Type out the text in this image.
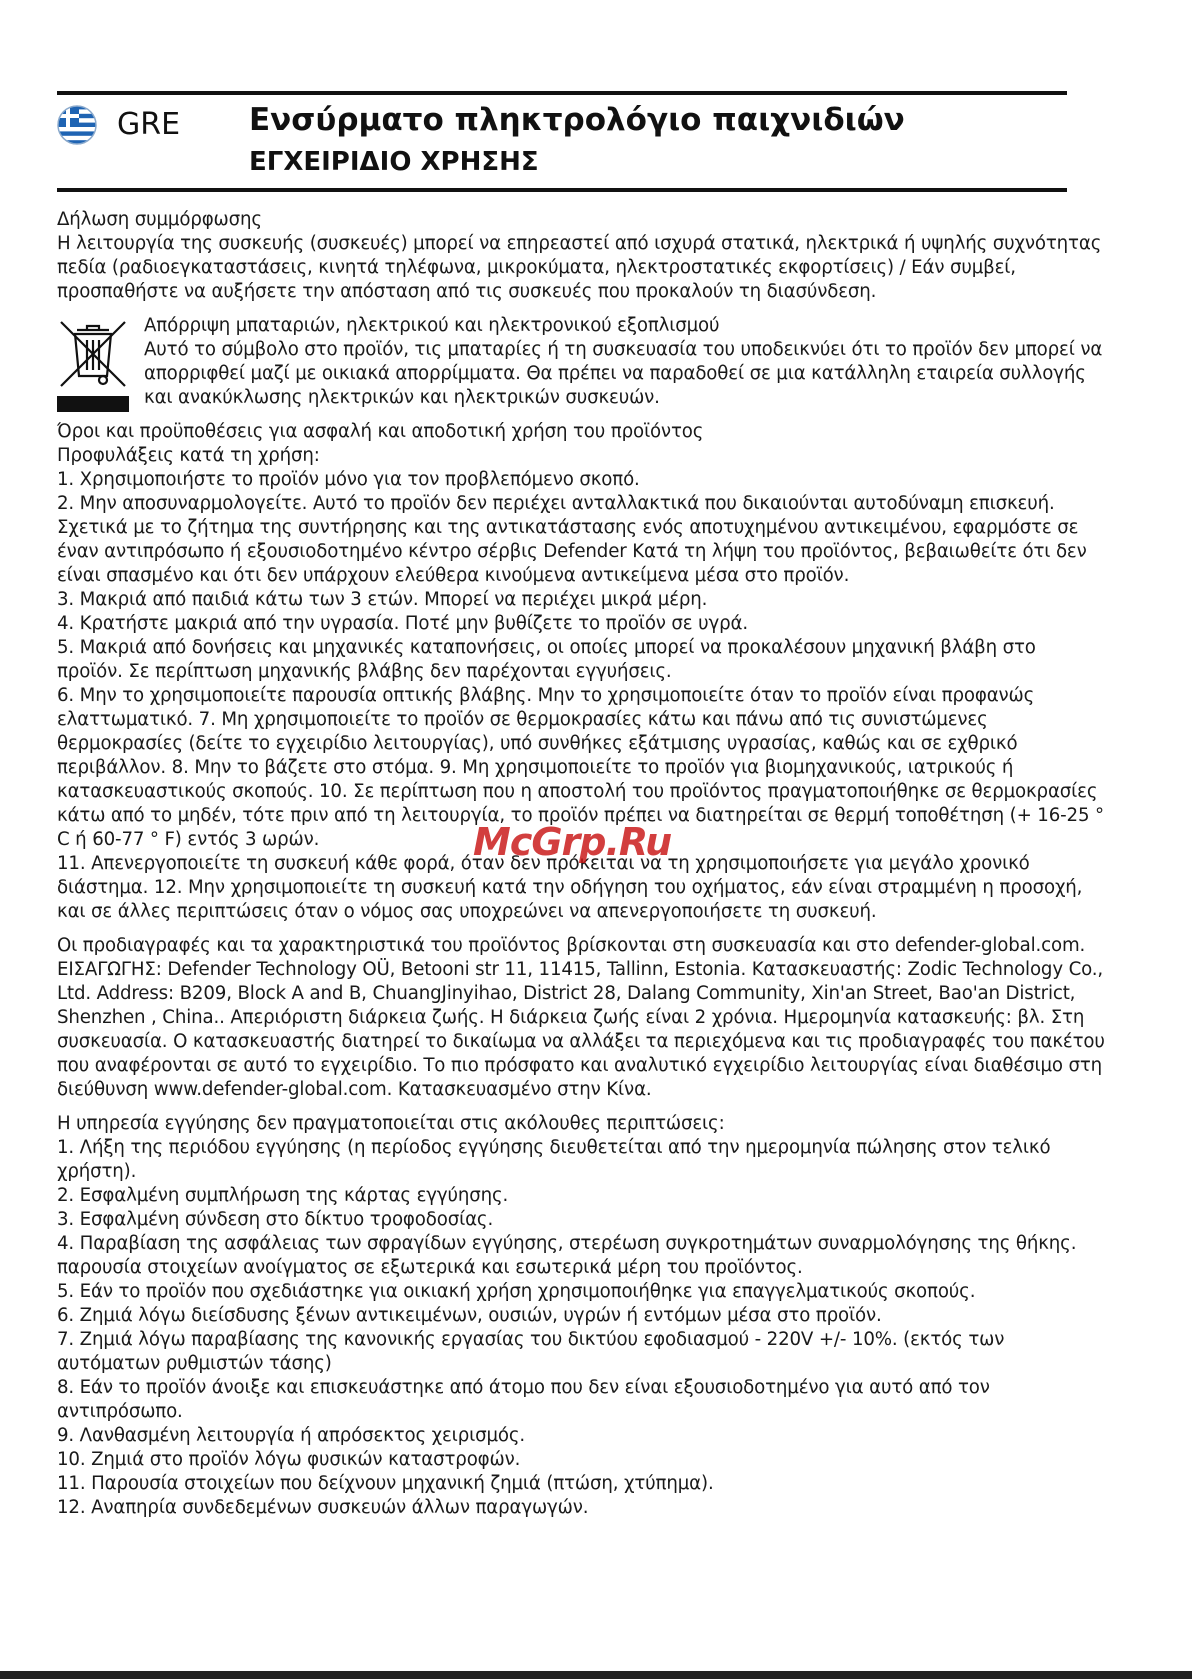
GRE Ενσύρματο πληκτρολόγιο παιχνιδιών
ΕΓΧΕΙΡΙΔΙΟ ΧΡΗΣΗΣ

Δήλωση συμμόρφωσης

Η λειτουργία της συσκευής (συσκευές) μπορεί να επηρεαστεί από ισχυρά στατικά, ηλεκτρικά ή υψηλής συχνότητας πεδία (ραδιοεγκαταστάσεις, κινητά τηλέφωνα, μικροκύματα, ηλεκτροστατικές εκφορτίσεις) / Εάν συμβεί, προσπαθήστε να αυξήσετε την απόσταση από τις συσκευές που προκαλούν τη διασύνδεση.

Απόρριψη μπαταριών, ηλεκτρικού και ηλεκτρονικού εξοπλισμού

Αυτό το σύμβολο στο προϊόν, τις μπαταρίες ή τη συσκευασία του υποδεικνύει ότι το προϊόν δεν μπορεί να απορριφθεί μαζί με οικιακά απορρίμματα. Θα πρέπει να παραδοθεί σε μια κατάλληλη εταιρεία συλλογής και ανακύκλωσης ηλεκτρικών και ηλεκτρικών συσκευών.

Όροι και προϋποθέσεις για ασφαλή και αποδοτική χρήση του προϊόντος

Προφυλάξεις κατά τη χρήση:

1. Χρησιμοποιήστε το προϊόν μόνο για τον προβλεπόμενο σκοπό.

2. Μην αποσυναρμολογείτε. Αυτό το προϊόν δεν περιέχει ανταλλακτικά που δικαιούνται αυτοδύναμη επισκευή. Σχετικά με το ζήτημα της συντήρησης και της αντικατάστασης ενός αποτυχημένου αντικειμένου, εφαρμόστε σε έναν αντιπρόσωπο ή εξουσιοδοτημένο κέντρο σέρβις Defender Κατά τη λήψη του προϊόντος, βεβαιωθείτε ότι δεν είναι σπασμένο και ότι δεν υπάρχουν ελεύθερα κινούμενα αντικείμενα μέσα στο προϊόν.

3. Μακριά από παιδιά κάτω των 3 ετών. Μπορεί να περιέχει μικρά μέρη.

4. Κρατήστε μακριά από την υγρασία. Ποτέ μην βυθίζετε το προϊόν σε υγρά.

5. Μακριά από δονήσεις και μηχανικές καταπονήσεις, οι οποίες μπορεί να προκαλέσουν μηχανική βλάβη στο προϊόν. Σε περίπτωση μηχανικής βλάβης δεν παρέχονται εγγυήσεις.

6. Μην το χρησιμοποιείτε παρουσία οπτικής βλάβης. Μην το χρησιμοποιείτε όταν το προϊόν είναι προφανώς ελαττωματικό. 7. Μη χρησιμοποιείτε το προϊόν σε θερμοκρασίες κάτω και πάνω από τις συνιστώμενες θερμοκρασίες (δείτε το εγχειρίδιο λειτουργίας), υπό συνθήκες εξάτμισης υγρασίας, καθώς και σε εχθρικό περιβάλλον. 8. Μην το βάζετε στο στόμα. 9. Μη χρησιμοποιείτε το προϊόν για βιομηχανικούς, ιατρικούς ή κατασκευαστικούς σκοπούς. 10. Σε περίπτωση που η αποστολή του προϊόντος πραγματοποιήθηκε σε θερμοκρασίες κάτω από το μηδέν, τότε πριν από τη λειτουργία, το προϊόν πρέπει να διατηρείται σε θερμή τοποθέτηση (+ 16-25 ° C ή 60-77 ° F) εντός 3 ωρών.

11. Απενεργοποιείτε τη συσκευή κάθε φορά, όταν δεν πρόκειται να τη χρησιμοποιήσετε για μεγάλο χρονικό διάστημα. 12. Μην χρησιμοποιείτε τη συσκευή κατά την οδήγηση του οχήματος, εάν είναι στραμμένη η προσοχή, και σε άλλες περιπτώσεις όταν ο νόμος σας υποχρεώνει να απενεργοποιήσετε τη συσκευή.

Οι προδιαγραφές και τα χαρακτηριστικά του προϊόντος βρίσκονται στη συσκευασία και στο defender-global.com. ΕΙΣΑΓΩΓΗΣ: Defender Technology OÜ, Betooni str 11, 11415, Tallinn, Estonia. Κατασκευαστής: Zodic Technology Co., Ltd. Address: B209, Block A and B, ChuangJinyihao, District 28, Dalang Community, Xin'an Street, Bao'an District, Shenzhen , China.. Απεριόριστη διάρκεια ζωής. Η διάρκεια ζωής είναι 2 χρόνια. Ημερομηνία κατασκευής: βλ. Στη συσκευασία. Ο κατασκευαστής διατηρεί το δικαίωμα να αλλάξει τα περιεχόμενα και τις προδιαγραφές του πακέτου που αναφέρονται σε αυτό το εγχειρίδιο. Το πιο πρόσφατο και αναλυτικό εγχειρίδιο λειτουργίας είναι διαθέσιμο στη διεύθυνση www.defender-global.com. Κατασκευασμένο στην Κίνα.

Η υπηρεσία εγγύησης δεν πραγματοποιείται στις ακόλουθες περιπτώσεις:

1. Λήξη της περιόδου εγγύησης (η περίοδος εγγύησης διευθετείται από την ημερομηνία πώλησης στον τελικό χρήστη).

2. Εσφαλμένη συμπλήρωση της κάρτας εγγύησης.

3. Εσφαλμένη σύνδεση στο δίκτυο τροφοδοσίας.

4. Παραβίαση της ασφάλειας των σφραγίδων εγγύησης, στερέωση συγκροτημάτων συναρμολόγησης της θήκης. παρουσία στοιχείων ανοίγματος σε εξωτερικά και εσωτερικά μέρη του προϊόντος.

5. Εάν το προϊόν που σχεδιάστηκε για οικιακή χρήση χρησιμοποιήθηκε για επαγγελματικούς σκοπούς.

6. Ζημιά λόγω διείσδυσης ξένων αντικειμένων, ουσιών, υγρών ή εντόμων μέσα στο προϊόν.

7. Ζημιά λόγω παραβίασης της κανονικής εργασίας του δικτύου εφοδιασμού - 220V +/- 10%. (εκτός των αυτόματων ρυθμιστών τάσης)

8. Εάν το προϊόν άνοιξε και επισκευάστηκε από άτομο που δεν είναι εξουσιοδοτημένο για αυτό από τον αντιπρόσωπο.

9. Λανθασμένη λειτουργία ή απρόσεκτος χειρισμός.

10. Ζημιά στο προϊόν λόγω φυσικών καταστροφών.

11. Παρουσία στοιχείων που δείχνουν μηχανική ζημιά (πτώση, χτύπημα).

12. Αναπηρία συνδεδεμένων συσκευών άλλων παραγωγών.

McGrp.Ru
